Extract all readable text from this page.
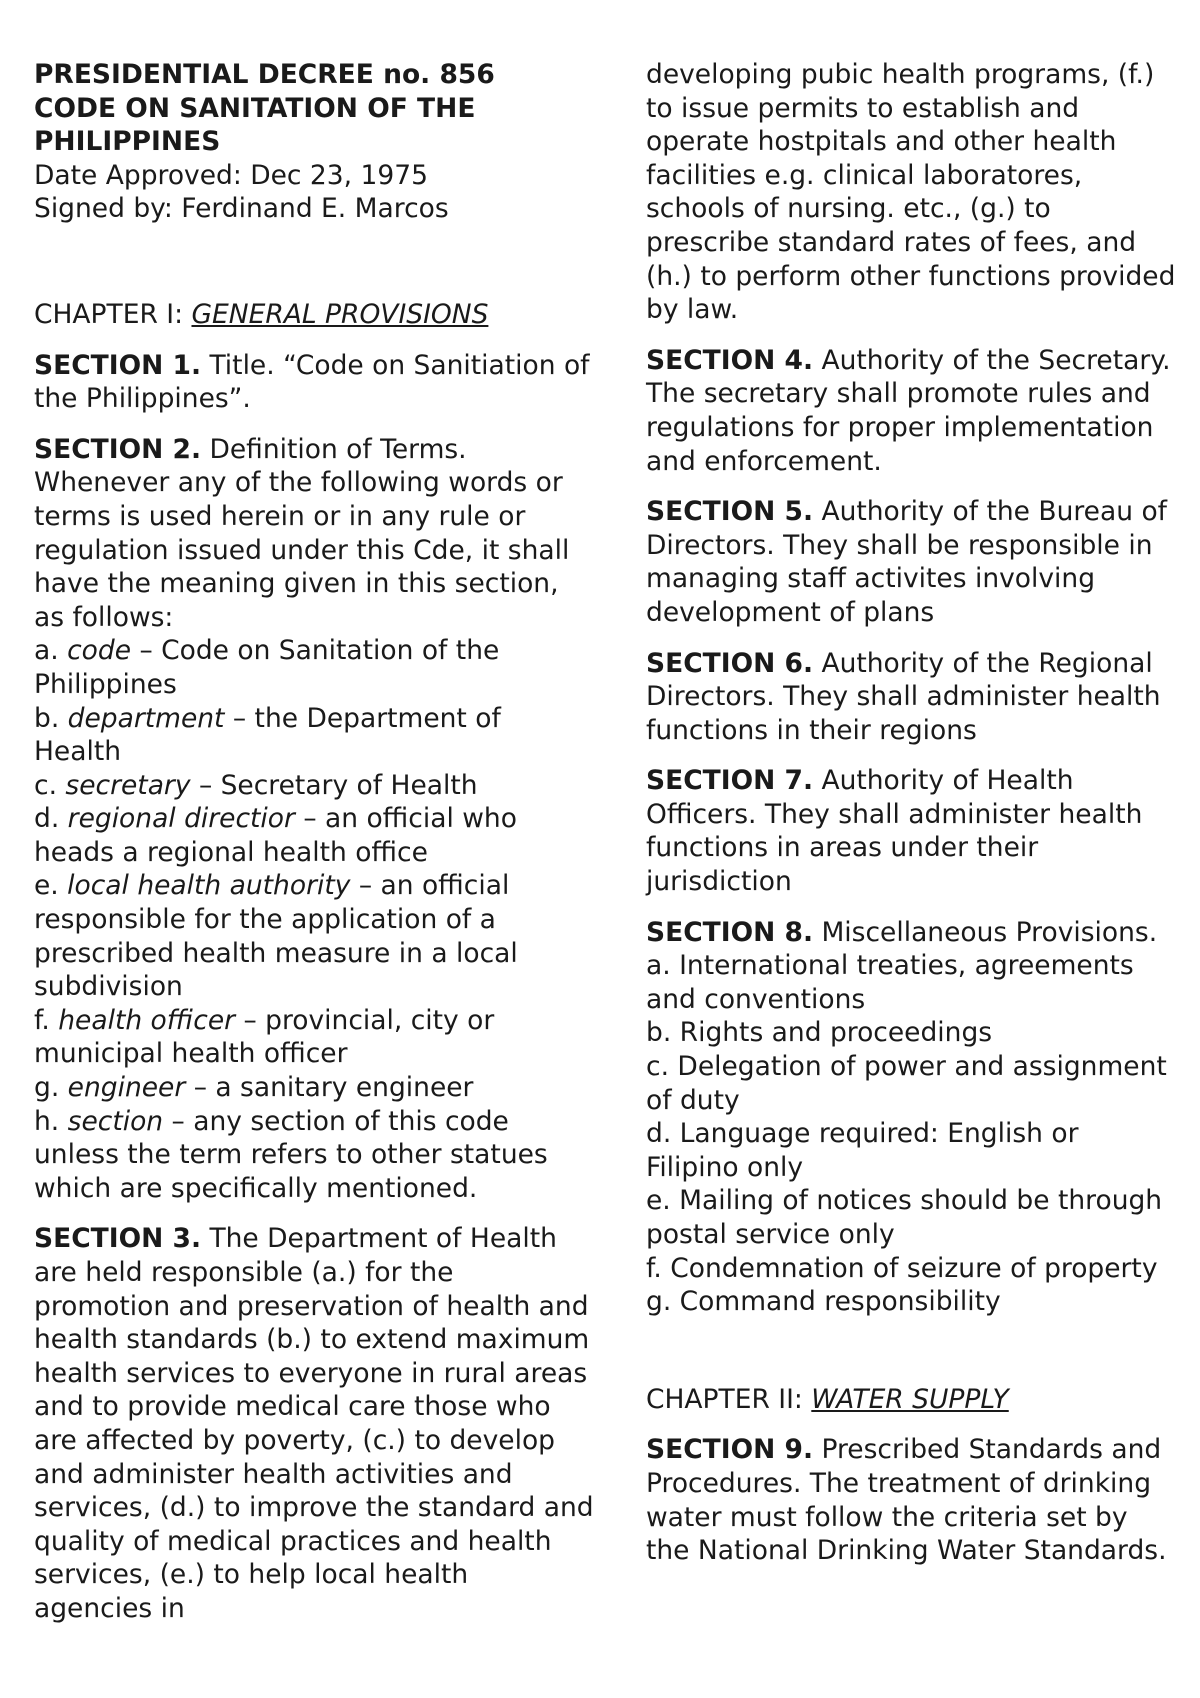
PRESIDENTIAL DECREE no. 856
CODE ON SANITATION OF THE
PHILIPPINES
Date Approved: Dec 23, 1975
Signed by: Ferdinand E. Marcos

CHAPTER I: GENERAL PROVISIONS

SECTION 1. Title. “Code on Sanitiation of the Philippines”.

SECTION 2. Definition of Terms. Whenever any of the following words or terms is used herein or in any rule or regulation issued under this Cde, it shall have the meaning given in this section, as follows:

a. code – Code on Sanitation of the Philippines

b. department – the Department of Health

c. secretary – Secretary of Health

d. regional directior – an official who heads a regional health office

e. local health authority – an official responsible for the application of a prescribed health measure in a local subdivision

f. health officer – provincial, city or municipal health officer

g. engineer – a sanitary engineer

h. section – any section of this code unless the term refers to other statues which are specifically mentioned.

SECTION 3. The Department of Health are held responsible (a.) for the promotion and preservation of health and health standards (b.) to extend maximum health services to everyone in rural areas and to provide medical care those who are affected by poverty, (c.) to develop and administer health activities and services, (d.) to improve the standard and quality of medical practices and health services, (e.) to help local health agencies in

developing pubic health programs, (f.) to issue permits to establish and operate hostpitals and other health facilities e.g. clinical laboratores, schools of nursing. etc., (g.) to prescribe standard rates of fees, and (h.) to perform other functions provided by law.

SECTION 4. Authority of the Secretary. The secretary shall promote rules and regulations for proper implementation and enforcement.

SECTION 5. Authority of the Bureau of Directors. They shall be responsible in managing staff activites involving development of plans

SECTION 6. Authority of the Regional Directors. They shall administer health functions in their regions

SECTION 7. Authority of Health Officers. They shall administer health functions in areas under their jurisdiction

SECTION 8. Miscellaneous Provisions.

a. International treaties, agreements and conventions

b. Rights and proceedings

c. Delegation of power and assignment of duty

d. Language required: English or Filipino only

e. Mailing of notices should be through postal service only

f. Condemnation of seizure of property

g. Command responsibility

CHAPTER II: WATER SUPPLY

SECTION 9. Prescribed Standards and Procedures. The treatment of drinking water must follow the criteria set by the National Drinking Water Standards.
